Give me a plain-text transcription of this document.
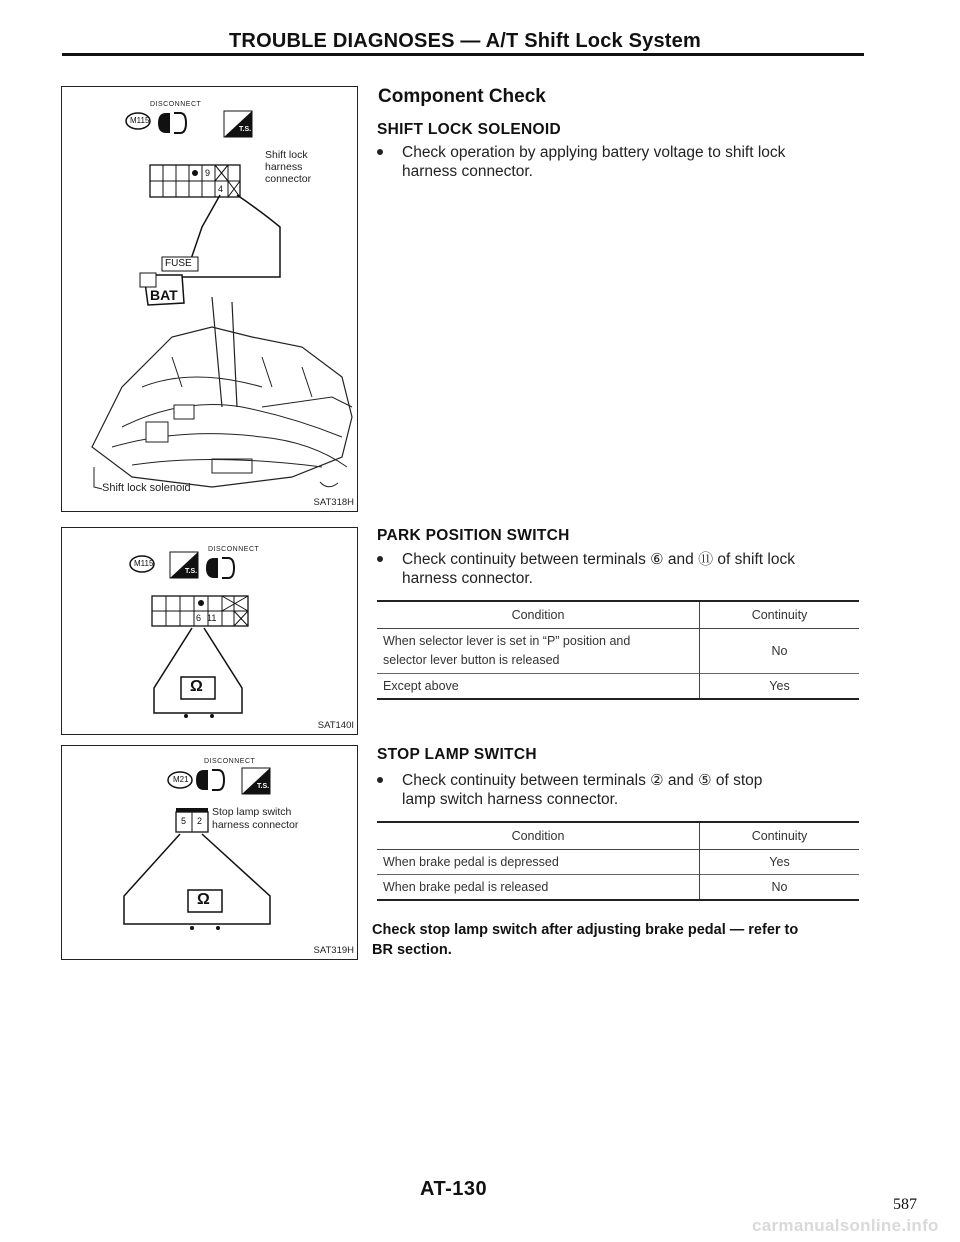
TROUBLE DIAGNOSES — A/T Shift Lock System
DISCONNECT
M115
T.S.
Shift lock
harness
connector
9
4
FUSE
BAT
Shift lock solenoid
SAT318H
DISCONNECT
M115
T.S.
6 11
Ω
SAT140I
DISCONNECT
M21
T.S.
5 2
Stop lamp switch
harness connector
Ω
SAT319H
Component Check
SHIFT LOCK SOLENOID
Check operation by applying battery voltage to shift lock
harness connector.
PARK POSITION SWITCH
Check continuity between terminals ⑥ and ⑪ of shift lock
harness connector.
Condition	Continuity

When selector lever is set in “P” position and
selector lever button is released	No
Except above	Yes
STOP LAMP SWITCH
Check continuity between terminals ② and ⑤ of stop
lamp switch harness connector.
Condition	Continuity
When brake pedal is depressed	Yes
When brake pedal is released	No
Check stop lamp switch after adjusting brake pedal — refer to
BR section.
AT-130
587
carmanualsonline.info
